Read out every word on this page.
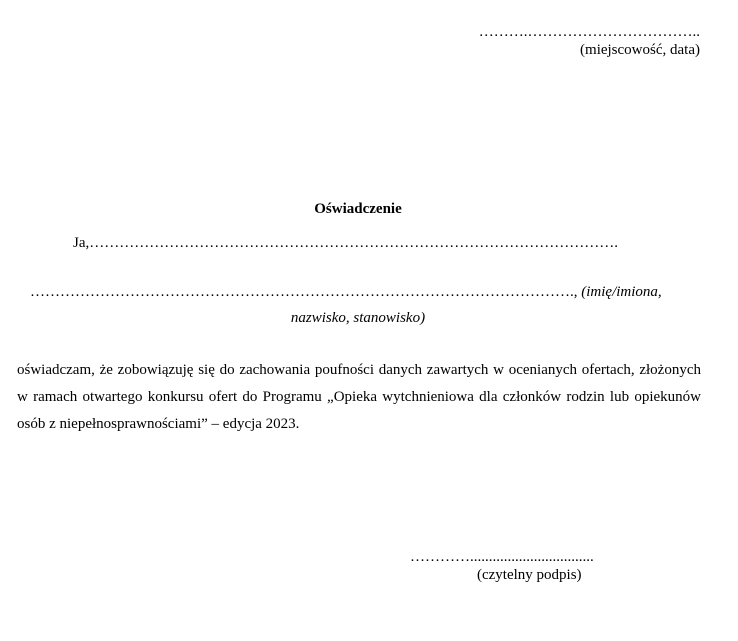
……….……………………………..
(miejscowość, data)
Oświadczenie
Ja,…………………………………………………………………………………………….
………………………………………………………………………………………………., (imię/imiona,
nazwisko, stanowisko)
oświadczam, że zobowiązuję się do zachowania poufności danych zawartych w ocenianych ofertach, złożonych w ramach otwartego konkursu ofert do Programu „Opieka wytchnieniowa dla członków rodzin lub opiekunów osób z niepełnosprawnościami” – edycja 2023.
………….................................
(czytelny podpis)
